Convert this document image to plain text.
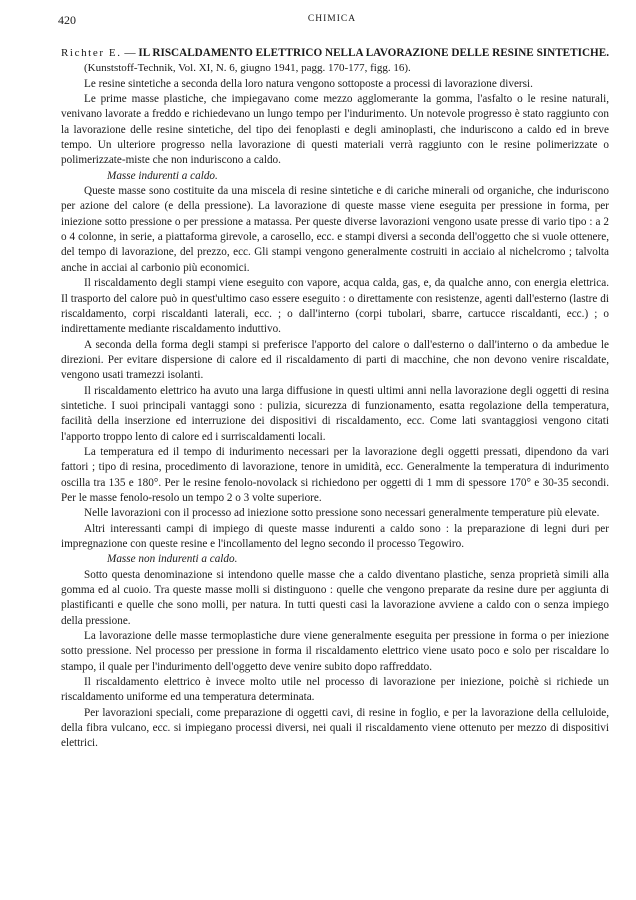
420	CHIMICA

Richter E. — IL RISCALDAMENTO ELETTRICO NELLA LAVORAZIONE DELLE RESINE SINTETICHE. (Kunststoff-Technik, Vol. XI, N. 6, giugno 1941, pagg. 170-177, figg. 16).

Le resine sintetiche a seconda della loro natura vengono sottoposte a processi di lavorazione diversi.

Le prime masse plastiche, che impiegavano come mezzo agglomerante la gomma, l'asfalto o le resine naturali, venivano lavorate a freddo e richiedevano un lungo tempo per l'indurimento. Un notevole progresso è stato raggiunto con la lavorazione delle resine sintetiche, del tipo dei fenoplasti e degli aminoplasti, che induriscono a caldo ed in breve tempo. Un ulteriore progresso nella lavorazione di questi materiali verrà raggiunto con le resine polimerizzate o polimerizzate-miste che non induriscono a caldo.

Masse indurenti a caldo.

Queste masse sono costituite da una miscela di resine sintetiche e di cariche minerali od organiche, che induriscono per azione del calore (e della pressione). La lavorazione di queste masse viene eseguita per pressione in forma, per iniezione sotto pressione o per pressione a matassa. Per queste diverse lavorazioni vengono usate presse di vario tipo : a 2 o 4 colonne, in serie, a piattaforma girevole, a carosello, ecc. e stampi diversi a seconda dell'oggetto che si vuole ottenere, del tempo di lavorazione, del prezzo, ecc. Gli stampi vengono generalmente costruiti in acciaio al nichelcromo ; talvolta anche in acciai al carbonio più economici.

Il riscaldamento degli stampi viene eseguito con vapore, acqua calda, gas, e, da qualche anno, con energia elettrica. Il trasporto del calore può in quest'ultimo caso essere eseguito : o direttamente con resistenze, agenti dall'esterno (lastre di riscaldamento, corpi riscaldanti laterali, ecc. ; o dall'interno (corpi tubolari, sbarre, cartucce riscaldanti, ecc.) ; o indirettamente mediante riscaldamento induttivo.

A seconda della forma degli stampi si preferisce l'apporto del calore o dall'esterno o dall'interno o da ambedue le direzioni. Per evitare dispersione di calore ed il riscaldamento di parti di macchine, che non devono venire riscaldate, vengono usati tramezzi isolanti.

Il riscaldamento elettrico ha avuto una larga diffusione in questi ultimi anni nella lavorazione degli oggetti di resina sintetiche. I suoi principali vantaggi sono : pulizia, sicurezza di funzionamento, esatta regolazione della temperatura, facilità della inserzione ed interruzione dei dispositivi di riscaldamento, ecc. Come lati svantaggiosi vengono citati l'apporto troppo lento di calore ed i surriscaldamenti locali.

La temperatura ed il tempo di indurimento necessari per la lavorazione degli oggetti pressati, dipendono da vari fattori ; tipo di resina, procedimento di lavorazione, tenore in umidità, ecc. Generalmente la temperatura di indurimento oscilla tra 135 e 180°. Per le resine fenolo-novolack si richiedono per oggetti di 1 mm di spessore 170° e 30-35 secondi. Per le masse fenolo-resolo un tempo 2 o 3 volte superiore.

Nelle lavorazioni con il processo ad iniezione sotto pressione sono necessari generalmente temperature più elevate.

Altri interessanti campi di impiego di queste masse indurenti a caldo sono : la preparazione di legni duri per impregnazione con queste resine e l'incollamento del legno secondo il processo Tegowiro.

Masse non indurenti a caldo.

Sotto questa denominazione si intendono quelle masse che a caldo diventano plastiche, senza proprietà simili alla gomma ed al cuoio. Tra queste masse molli si distinguono : quelle che vengono preparate da resine dure per aggiunta di plastificanti e quelle che sono molli, per natura. In tutti questi casi la lavorazione avviene a caldo con o senza impiego della pressione.

La lavorazione delle masse termoplastiche dure viene generalmente eseguita per pressione in forma o per iniezione sotto pressione. Nel processo per pressione in forma il riscaldamento elettrico viene usato poco e solo per riscaldare lo stampo, il quale per l'indurimento dell'oggetto deve venire subito dopo raffreddato.

Il riscaldamento elettrico è invece molto utile nel processo di lavorazione per iniezione, poichè si richiede un riscaldamento uniforme ed una temperatura determinata.

Per lavorazioni speciali, come preparazione di oggetti cavi, di resine in foglio, e per la lavorazione della celluloide, della fibra vulcano, ecc. si impiegano processi diversi, nei quali il riscaldamento viene ottenuto per mezzo di dispositivi elettrici.
